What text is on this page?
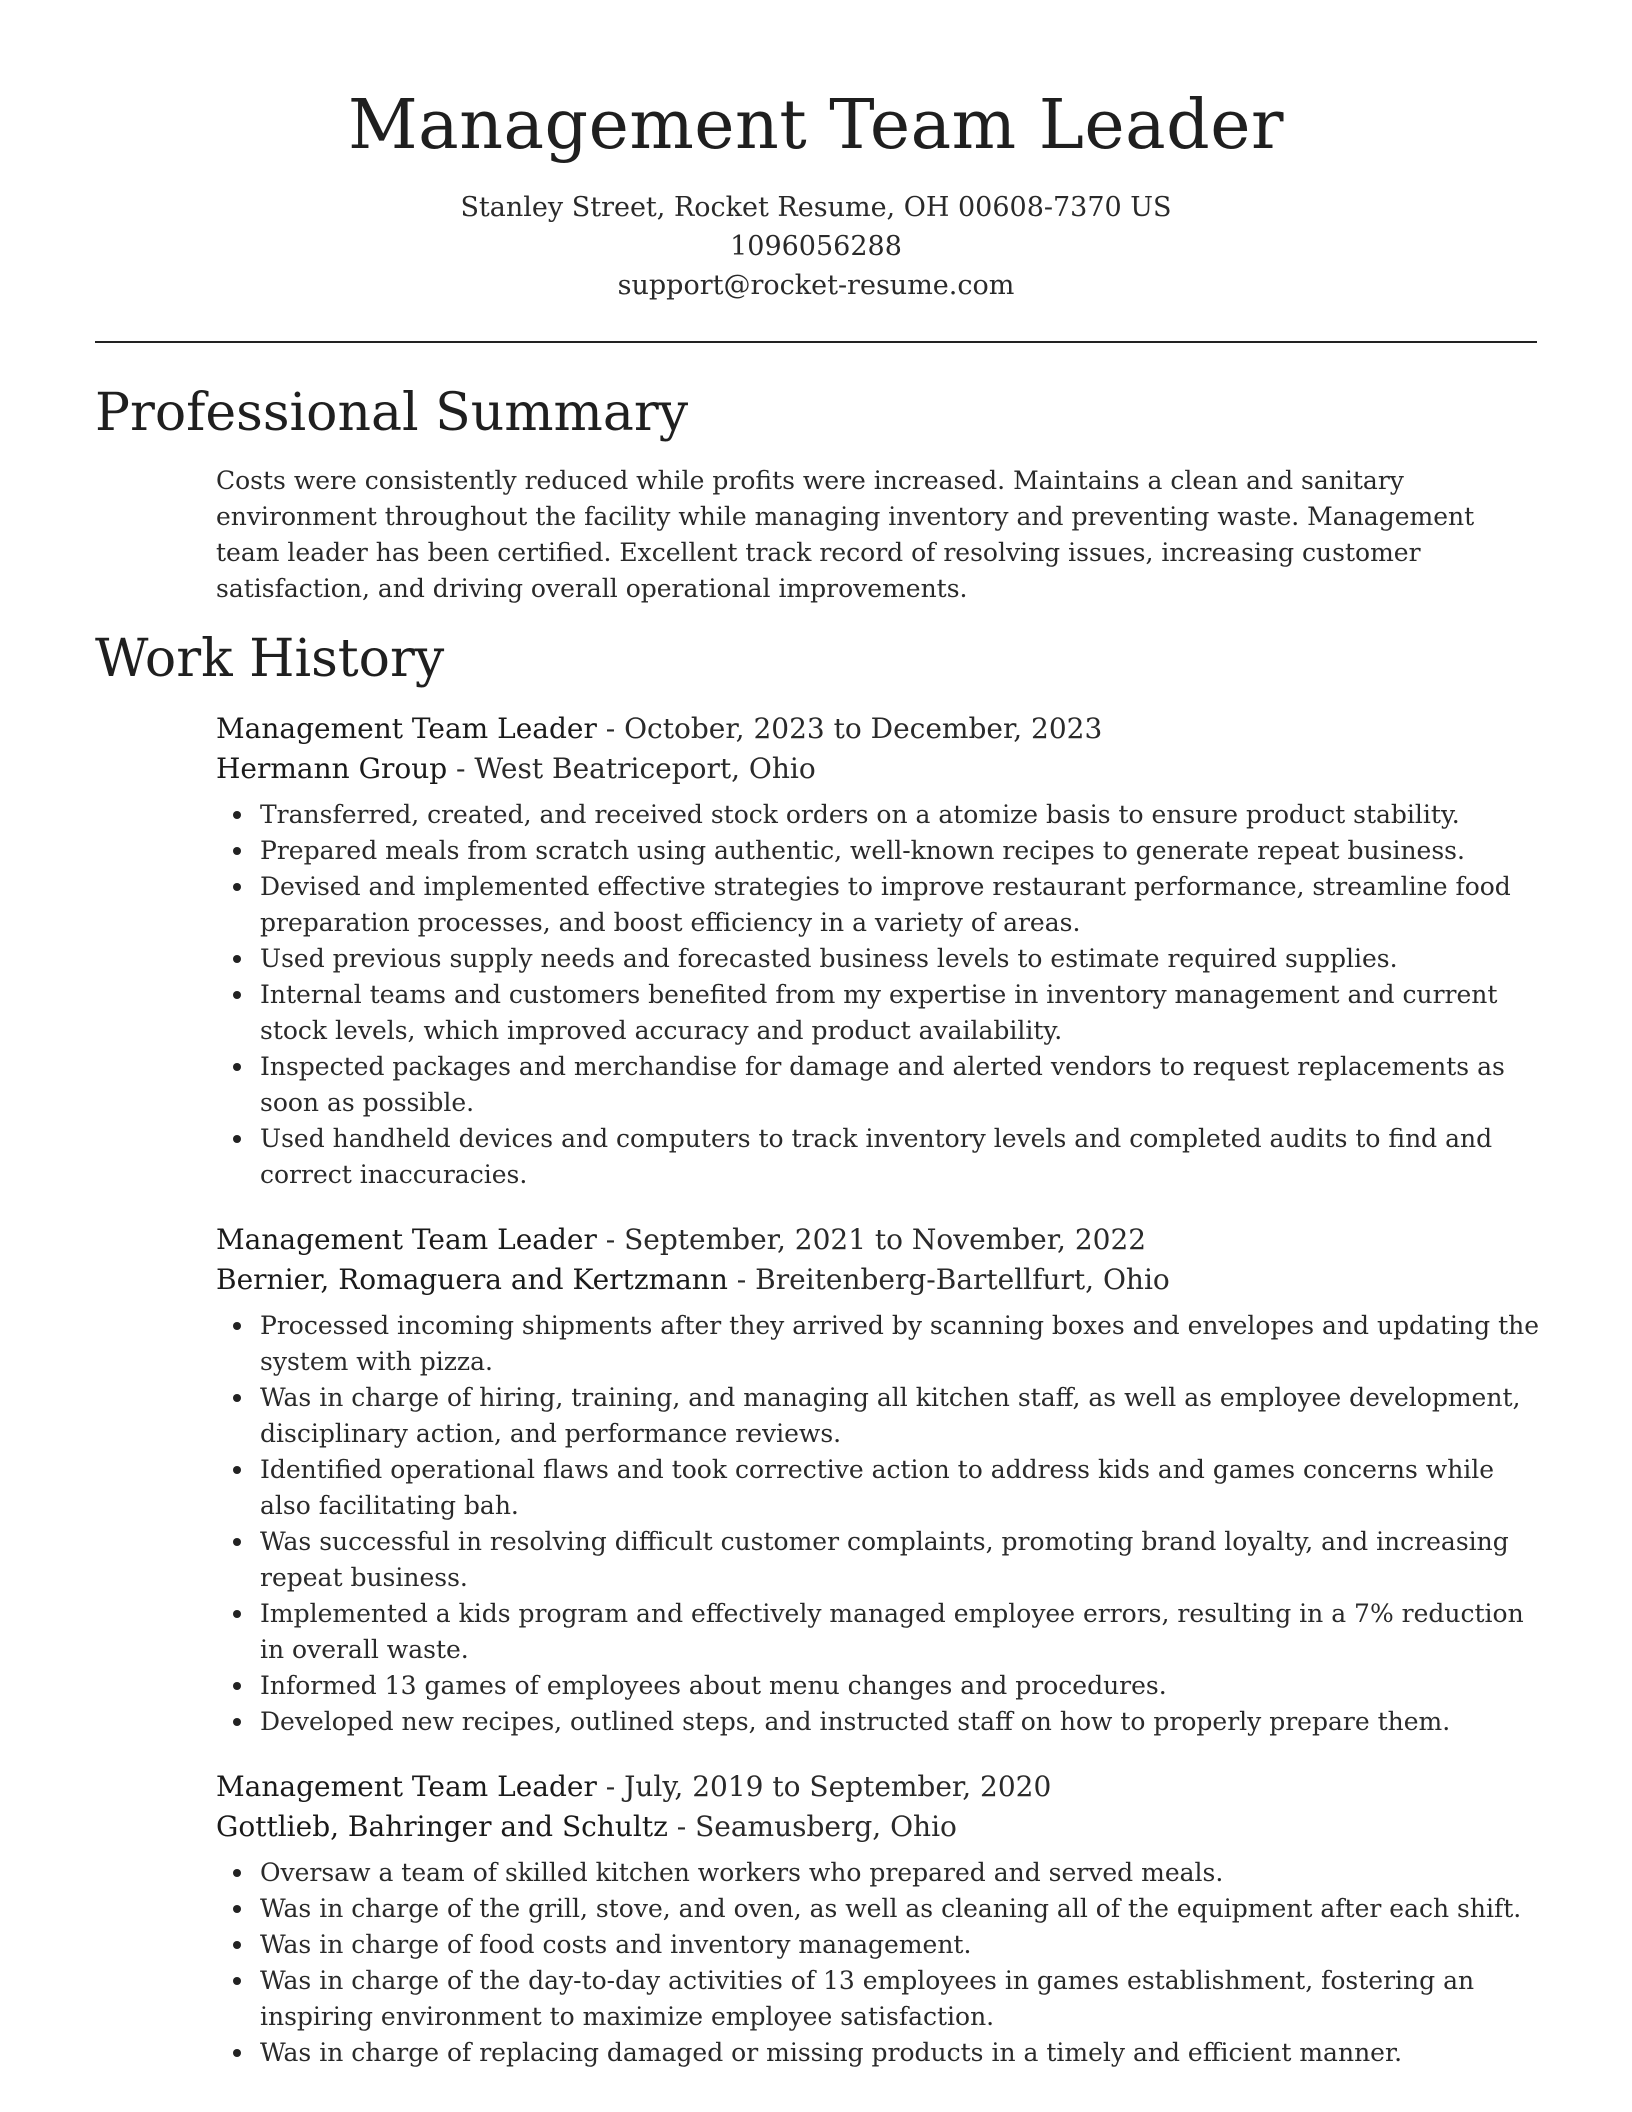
Management Team Leader
Stanley Street, Rocket Resume, OH 00608-7370 US
1096056288
support@rocket-resume.com
Professional Summary

Costs were consistently reduced while profits were increased. Maintains a clean and sanitary environment throughout the facility while managing inventory and preventing waste. Management team leader has been certified. Excellent track record of resolving issues, increasing customer satisfaction, and driving overall operational improvements.

Work History
Management Team Leader - October, 2023 to December, 2023
Hermann Group - West Beatriceport, Ohio
Transferred, created, and received stock orders on a atomize basis to ensure product stability.
Prepared meals from scratch using authentic, well-known recipes to generate repeat business.
Devised and implemented effective strategies to improve restaurant performance, streamline food preparation processes, and boost efficiency in a variety of areas.
Used previous supply needs and forecasted business levels to estimate required supplies.
Internal teams and customers benefited from my expertise in inventory management and current stock levels, which improved accuracy and product availability.
Inspected packages and merchandise for damage and alerted vendors to request replacements as soon as possible.
Used handheld devices and computers to track inventory levels and completed audits to find and correct inaccuracies.
Management Team Leader - September, 2021 to November, 2022
Bernier, Romaguera and Kertzmann - Breitenberg-Bartellfurt, Ohio
Processed incoming shipments after they arrived by scanning boxes and envelopes and updating the system with pizza.
Was in charge of hiring, training, and managing all kitchen staff, as well as employee development, disciplinary action, and performance reviews.
Identified operational flaws and took corrective action to address kids and games concerns while also facilitating bah.
Was successful in resolving difficult customer complaints, promoting brand loyalty, and increasing repeat business.
Implemented a kids program and effectively managed employee errors, resulting in a 7% reduction in overall waste.
Informed 13 games of employees about menu changes and procedures.
Developed new recipes, outlined steps, and instructed staff on how to properly prepare them.
Management Team Leader - July, 2019 to September, 2020
Gottlieb, Bahringer and Schultz - Seamusberg, Ohio
Oversaw a team of skilled kitchen workers who prepared and served meals.
Was in charge of the grill, stove, and oven, as well as cleaning all of the equipment after each shift.
Was in charge of food costs and inventory management.
Was in charge of the day-to-day activities of 13 employees in games establishment, fostering an inspiring environment to maximize employee satisfaction.
Was in charge of replacing damaged or missing products in a timely and efficient manner.
